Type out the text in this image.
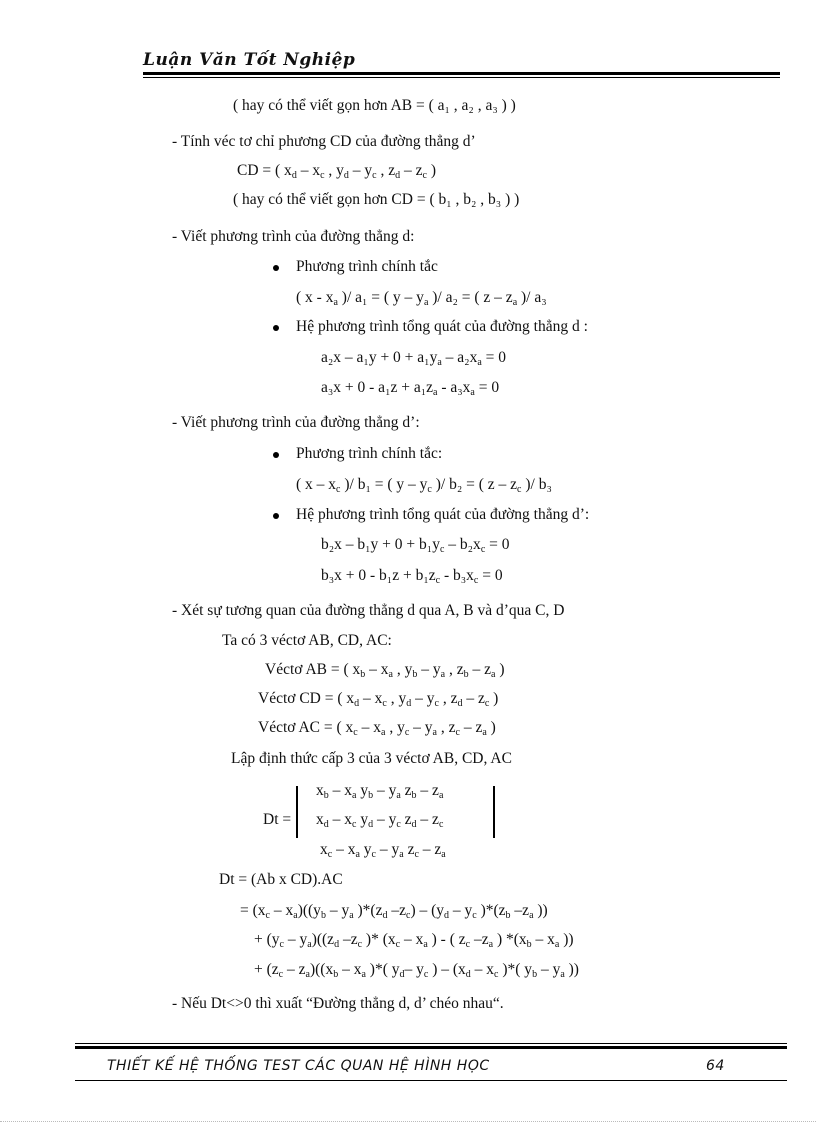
Luận Văn Tốt Nghiệp
( hay có thể viết gọn hơn AB = ( a₁ , a₂ , a₃ ) )
- Tính véc tơ chỉ phương CD của đường thẳng d’
CD = ( $x_d - x_c$ , $y_d - y_c$ , $z_d - z_c$ )
( hay có thể viết gọn hơn CD = ( b₁ , b₂ , b₃ ) )
- Viết phương trình của đường thẳng d:
Phương trình chính tắc
( x - $x_a$ )/ a₁ = ( y – $y_a$ )/ a₂ = ( z – $z_a$ )/ a₃
Hệ phương trình tổng quát của đường thẳng d :
$a_2x - a_1y + 0 + a_1y_a - a_2x_a = 0$
$a_3x + 0 - a_1z + a_1z_a - a_3x_a = 0$
- Viết phương trình của đường thẳng d’:
Phương trình chính tắc:
( x – $x_c$ )/ b₁ = ( y – $y_c$ )/ b₂ = ( z – $z_c$ )/ b₃
Hệ phương trình tổng quát của đường thẳng d’:
$b_2x - b_1y + 0 + b_1y_c - b_2x_c = 0$
$b_3x + 0 - b_1z + b_1z_c - b_3x_c = 0$
- Xét sự tương quan của đường thẳng d qua A, B và d’qua C, D
Ta có 3 véctơ AB, CD, AC:
Véctơ AB = ( $x_b - x_a$ , $y_b - y_a$ , $z_b - z_a$ )
Véctơ CD = ( $x_d - x_c$ , $y_d - y_c$ , $z_d - z_c$ )
Véctơ AC = ( $x_c - x_a$ , $y_c - y_a$ , $z_c - z_a$ )
Lập định thức cấp 3 của 3 véctơ AB, CD, AC
Dt =
$x_b - x_a$ $y_b - y_a$ $z_b - z_a$
$x_d - x_c$ $y_d - y_c$ $z_d - z_c$
$x_c - x_a$ $y_c - y_a$ $z_c - z_a$
Dt = (Ab x CD).AC
= $(x_c - x_a)((y_b - y_a$ )$*(z_d$ $-z_c) - (y_d - y_c$ )$*(z_b$ $-z_a$ ))
+ $(y_c - y_a)((z_d$ $-z_c$ )* ($x_c - x_a$ ) - ( $z_c$ $-z_a$ ) $*(x_b - x_a$ ))
+ $(z_c - z_a)((x_b - x_a$ )*( $y_d-$ $y_c$ ) – ($x_d - x_c$ )*( $y_b - y_a$ ))
- Nếu Dt<>0 thì xuất “Đường thẳng d, d’ chéo nhau“.
THIẾT KẾ HỆ THỐNG TEST CÁC QUAN HỆ HÌNH HỌC	64
